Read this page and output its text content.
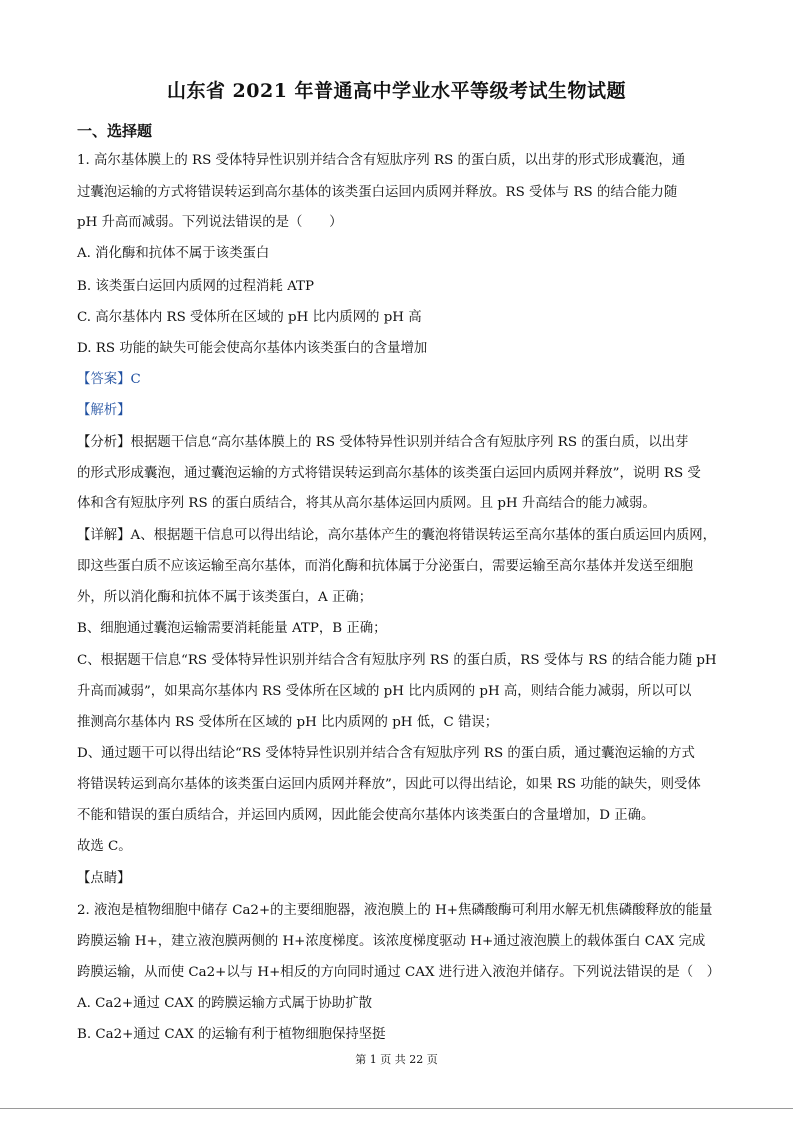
山东省 2021 年普通高中学业水平等级考试生物试题
一、选择题
1. 高尔基体膜上的 RS 受体特异性识别并结合含有短肽序列 RS 的蛋白质，以出芽的形式形成囊泡，通
过囊泡运输的方式将错误转运到高尔基体的该类蛋白运回内质网并释放。RS 受体与 RS 的结合能力随
pH 升高而减弱。下列说法错误的是（　　）
A. 消化酶和抗体不属于该类蛋白
B. 该类蛋白运回内质网的过程消耗 ATP
C. 高尔基体内 RS 受体所在区域的 pH 比内质网的 pH 高
D. RS 功能的缺失可能会使高尔基体内该类蛋白的含量增加
【答案】C
【解析】
【分析】根据题干信息“高尔基体膜上的 RS 受体特异性识别并结合含有短肽序列 RS 的蛋白质，以出芽
的形式形成囊泡，通过囊泡运输的方式将错误转运到高尔基体的该类蛋白运回内质网并释放”，说明 RS 受
体和含有短肽序列 RS 的蛋白质结合，将其从高尔基体运回内质网。且 pH 升高结合的能力减弱。
【详解】A、根据题干信息可以得出结论，高尔基体产生的囊泡将错误转运至高尔基体的蛋白质运回内质网，
即这些蛋白质不应该运输至高尔基体，而消化酶和抗体属于分泌蛋白，需要运输至高尔基体并发送至细胞
外，所以消化酶和抗体不属于该类蛋白，A 正确；
B、细胞通过囊泡运输需要消耗能量 ATP，B 正确；
C、根据题干信息“RS 受体特异性识别并结合含有短肽序列 RS 的蛋白质，RS 受体与 RS 的结合能力随 pH
升高而减弱”，如果高尔基体内 RS 受体所在区域的 pH 比内质网的 pH 高，则结合能力减弱，所以可以
推测高尔基体内 RS 受体所在区域的 pH 比内质网的 pH 低，C 错误；
D、通过题干可以得出结论“RS 受体特异性识别并结合含有短肽序列 RS 的蛋白质，通过囊泡运输的方式
将错误转运到高尔基体的该类蛋白运回内质网并释放”，因此可以得出结论，如果 RS 功能的缺失，则受体
不能和错误的蛋白质结合，并运回内质网，因此能会使高尔基体内该类蛋白的含量增加，D 正确。
故选 C。
【点睛】
2. 液泡是植物细胞中储存 Ca2+的主要细胞器，液泡膜上的 H+焦磷酸酶可利用水解无机焦磷酸释放的能量
跨膜运输 H+，建立液泡膜两侧的 H+浓度梯度。该浓度梯度驱动 H+通过液泡膜上的载体蛋白 CAX 完成
跨膜运输，从而使 Ca2+以与 H+相反的方向同时通过 CAX 进行进入液泡并储存。下列说法错误的是（　）
A. Ca2+通过 CAX 的跨膜运输方式属于协助扩散
B. Ca2+通过 CAX 的运输有利于植物细胞保持坚挺
第 1 页 共 22 页
